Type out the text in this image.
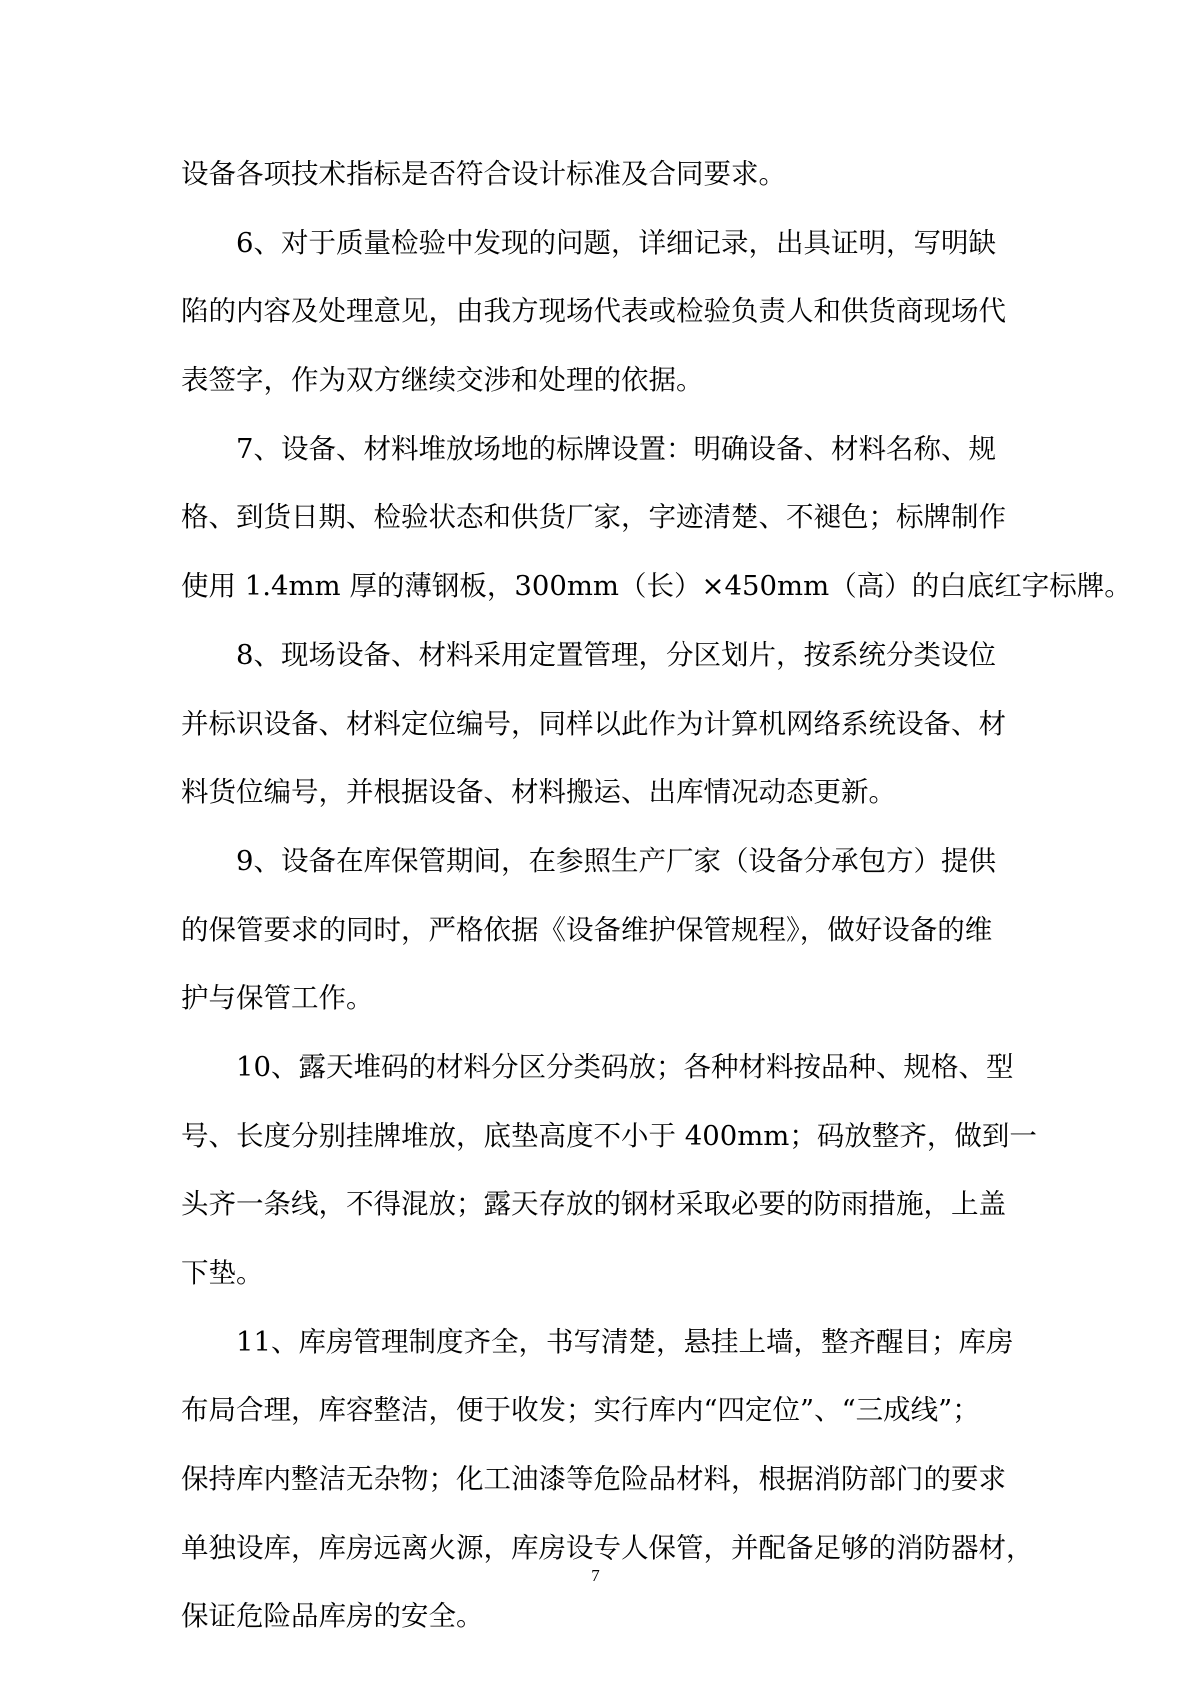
设备各项技术指标是否符合设计标准及合同要求。
6、对于质量检验中发现的问题，详细记录，出具证明，写明缺
陷的内容及处理意见，由我方现场代表或检验负责人和供货商现场代
表签字，作为双方继续交涉和处理的依据。
7、设备、材料堆放场地的标牌设置：明确设备、材料名称、规
格、到货日期、检验状态和供货厂家，字迹清楚、不褪色；标牌制作
使用 1.4mm 厚的薄钢板，300mm（长）×450mm（高）的白底红字标牌。
8、现场设备、材料采用定置管理，分区划片，按系统分类设位
并标识设备、材料定位编号，同样以此作为计算机网络系统设备、材
料货位编号，并根据设备、材料搬运、出库情况动态更新。
9、设备在库保管期间，在参照生产厂家（设备分承包方）提供
的保管要求的同时，严格依据《设备维护保管规程》，做好设备的维
护与保管工作。
10、露天堆码的材料分区分类码放；各种材料按品种、规格、型
号、长度分别挂牌堆放，底垫高度不小于 400mm；码放整齐，做到一
头齐一条线，不得混放；露天存放的钢材采取必要的防雨措施，上盖
下垫。
11、库房管理制度齐全，书写清楚，悬挂上墙，整齐醒目；库房
布局合理，库容整洁，便于收发；实行库内“四定位”、“三成线”；
保持库内整洁无杂物；化工油漆等危险品材料，根据消防部门的要求
单独设库，库房远离火源，库房设专人保管，并配备足够的消防器材，
保证危险品库房的安全。
7
